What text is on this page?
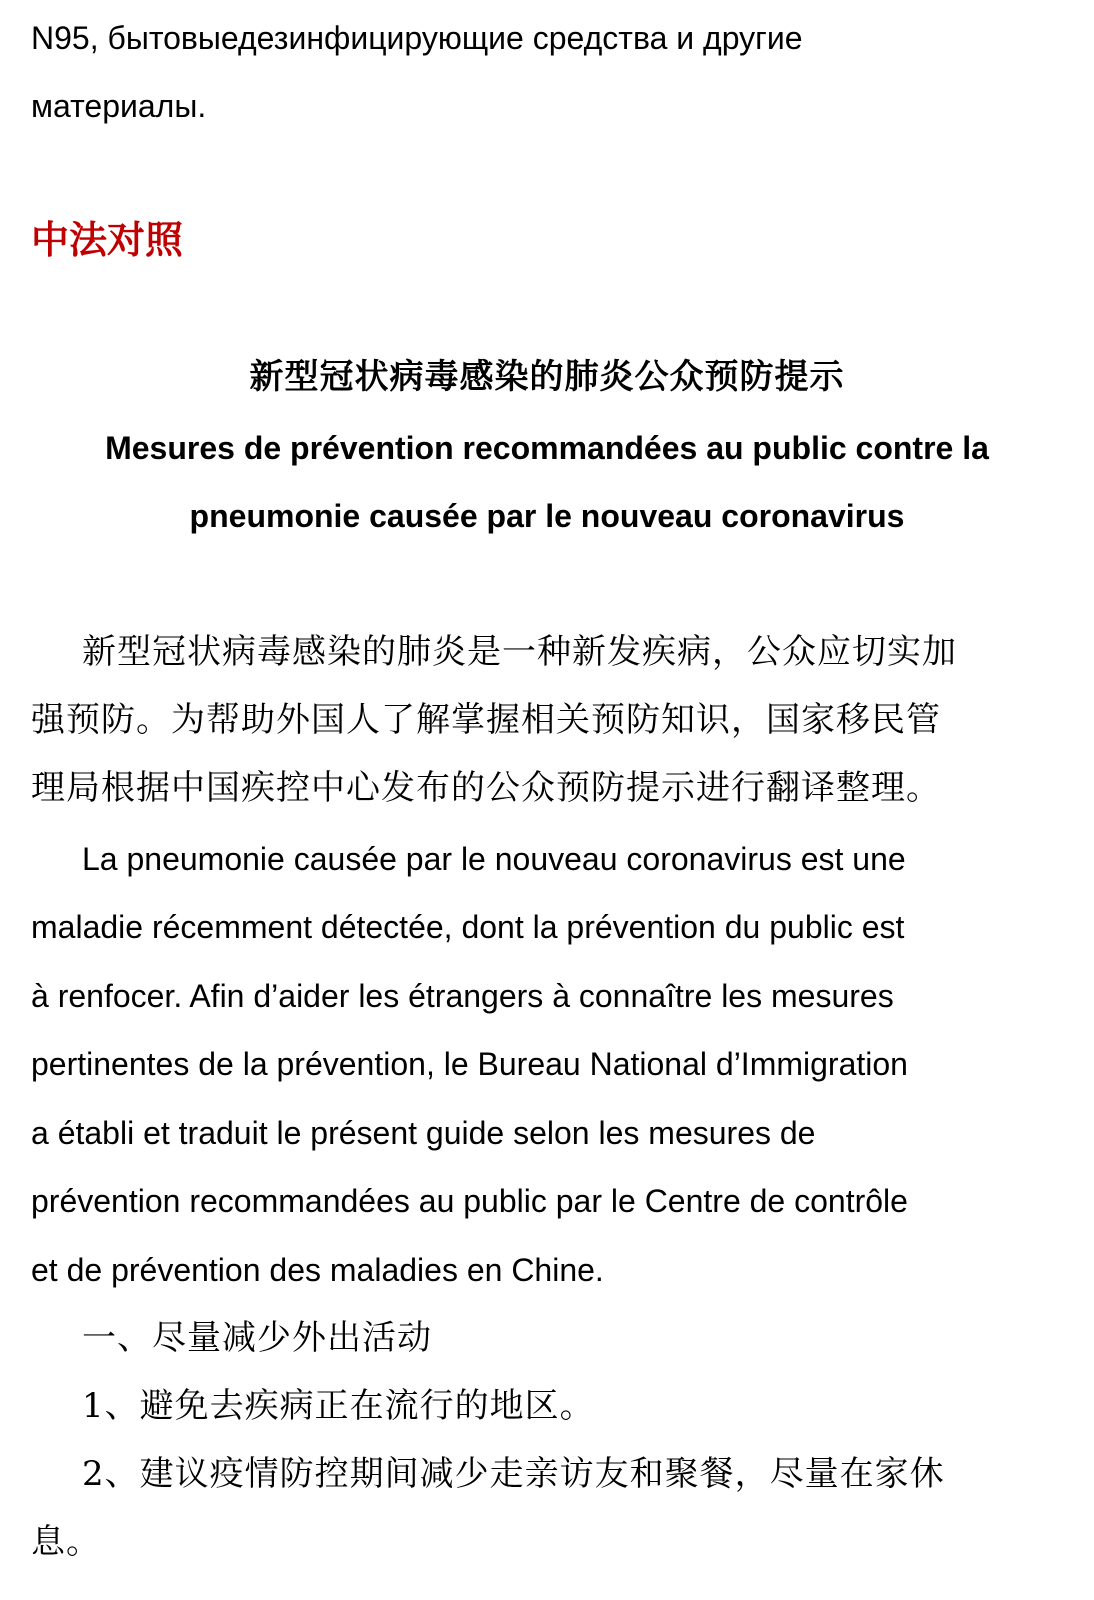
N95, бытовыедезинфицирующие средства и другие

материалы.

中法对照

新型冠状病毒感染的肺炎公众预防提示

Mesures de prévention recommandées au public contre la

pneumonie causée par le nouveau coronavirus

新型冠状病毒感染的肺炎是一种新发疾病，公众应切实加

强预防。为帮助外国人了解掌握相关预防知识，国家移民管

理局根据中国疾控中心发布的公众预防提示进行翻译整理。

La pneumonie causée par le nouveau coronavirus est une

maladie récemment détectée, dont la prévention du public est

à renfocer. Afin d’aider les étrangers à connaître les mesures

pertinentes de la prévention, le Bureau National d’Immigration

a établi et traduit le présent guide selon les mesures de

prévention recommandées au public par le Centre de contrôle

et de prévention des maladies en Chine.

一、尽量减少外出活动

1、避免去疾病正在流行的地区。

2、建议疫情防控期间减少走亲访友和聚餐，尽量在家休

息。
